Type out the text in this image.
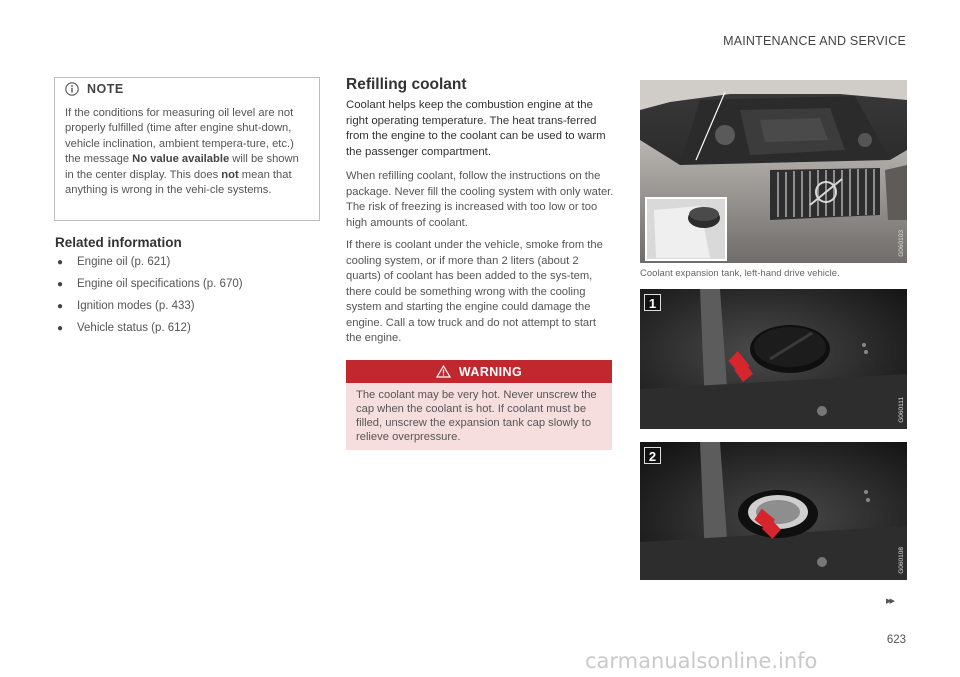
MAINTENANCE AND SERVICE
NOTE
If the conditions for measuring oil level are not properly fulfilled (time after engine shut-down, vehicle inclination, ambient tempera-ture, etc.) the message No value available will be shown in the center display. This does not mean that anything is wrong in the vehi-cle systems.
Related information
● Engine oil (p. 621)
● Engine oil specifications (p. 670)
● Ignition modes (p. 433)
● Vehicle status (p. 612)
Refilling coolant
Coolant helps keep the combustion engine at the right operating temperature. The heat trans-ferred from the engine to the coolant can be used to warm the passenger compartment.
When refilling coolant, follow the instructions on the package. Never fill the cooling system with only water. The risk of freezing is increased with too low or too high amounts of coolant.
If there is coolant under the vehicle, smoke from the cooling system, or if more than 2 liters (about 2 quarts) of coolant has been added to the sys-tem, there could be something wrong with the cooling system and starting the engine could damage the engine. Call a tow truck and do not attempt to start the engine.
WARNING
The coolant may be very hot. Never unscrew the cap when the coolant is hot. If coolant must be filled, unscrew the expansion tank cap slowly to relieve overpressure.
G060103
Coolant expansion tank, left-hand drive vehicle.
1
G060111
2
G060108
▸▸
623
carmanualsonline.info
